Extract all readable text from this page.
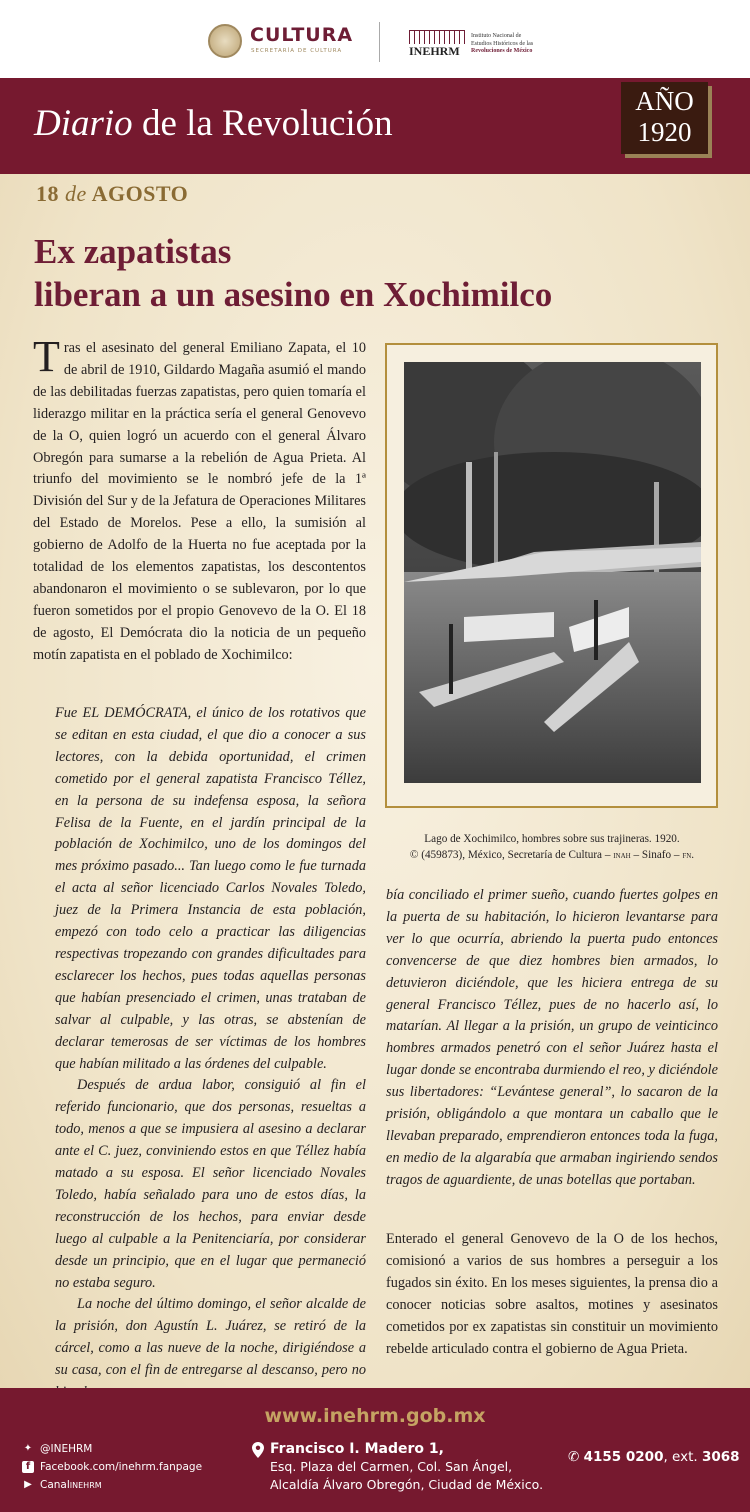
CULTURA
SECRETARÍA DE CULTURA	INEHRM
Instituto Nacional de
Estudios Históricos de las
Revoluciones de México
Diario de la Revolución
AÑO
1920
18 de AGOSTO
Ex zapatistas
liberan a un asesino en Xochimilco

Tras el asesinato del general Emiliano Zapata, el 10 de abril de 1910, Gildardo Magaña asumió el mando de las debilitadas fuerzas zapatistas, pero quien tomaría el liderazgo militar en la práctica sería el general Genovevo de la O, quien logró un acuerdo con el general Álvaro Obregón para sumarse a la rebelión de Agua Prieta. Al triunfo del movimiento se le nombró jefe de la 1ª División del Sur y de la Jefatura de Operaciones Militares del Estado de Morelos. Pese a ello, la sumisión al gobierno de Adolfo de la Huerta no fue aceptada por la totalidad de los elementos zapatistas, los descontentos abandonaron el movimiento o se sublevaron, por lo que fueron sometidos por el propio Genovevo de la O. El 18 de agosto, El Demócrata dio la noticia de un pequeño motín zapatista en el poblado de Xochimilco:

Fue EL DEMÓCRATA, el único de los rotativos que se editan en esta ciudad, el que dio a conocer a sus lectores, con la debida oportunidad, el crimen cometido por el general zapatista Francisco Téllez, en la persona de su indefensa esposa, la señora Felisa de la Fuente, en el jardín principal de la población de Xochimilco, uno de los domingos del mes próximo pasado... Tan luego como le fue turnada el acta al señor licenciado Carlos Novales Toledo, juez de la Primera Instancia de esta población, empezó con todo celo a practicar las diligencias respectivas tropezando con grandes dificultades para esclarecer los hechos, pues todas aquellas personas que habían presenciado el crimen, unas trataban de salvar al culpable, y las otras, se abstenían de declarar temerosas de ser víctimas de los hombres que habían militado a las órdenes del culpable.

Después de ardua labor, consiguió al fin el referido funcionario, que dos personas, resueltas a todo, menos a que se impusiera al asesino a declarar ante el C. juez, conviniendo estos en que Téllez había matado a su esposa. El señor licenciado Novales Toledo, había señalado para uno de estos días, la reconstrucción de los hechos, para enviar desde luego al culpable a la Penitenciaría, por considerar desde un principio, que en el lugar que permaneció no estaba seguro.

La noche del último domingo, el señor alcalde de la prisión, don Agustín L. Juárez, se retiró de la cárcel, como a las nueve de la noche, dirigiéndose a su casa, con el fin de entregarse al descanso, pero no

Lago de Xochimilco, hombres sobre sus trajineras. 1920.
© (459873), México, Secretaría de Cultura – inah – Sinafo – fn.

bía conciliado el primer sueño, cuando fuertes golpes en la puerta de su habitación, lo hicieron levantarse para ver lo que ocurría, abriendo la puerta pudo entonces convencerse de que diez hombres bien armados, lo detuvieron diciéndole, que les hiciera entrega de su general Francisco Téllez, pues de no hacerlo así, lo matarían. Al llegar a la prisión, un grupo de veinticinco hombres armados penetró con el señor Juárez hasta el lugar donde se encontraba durmiendo el reo, y diciéndole sus libertadores: “Levántese general”, lo sacaron de la prisión, obligándolo a que montara un caballo que le llevaban preparado, emprendieron entonces toda la fuga, en medio de la algarabía que armaban ingiriendo sendos tragos de aguardiente, de unas botellas que portaban.

Enterado el general Genovevo de la O de los hechos, comisionó a varios de sus hombres a perseguir a los fugados sin éxito. En los meses siguientes, la prensa dio a conocer noticias sobre asaltos, motines y asesinatos cometidos por ex zapatistas sin constituir un movimiento rebelde articulado contra el gobierno de Agua Prieta.

www.inehrm.gob.mx
✦ @INEHRM
f Facebook.com/inehrm.fanpage
▶ Canal INEHRM
Francisco I. Madero 1,
Esq. Plaza del Carmen, Col. San Ángel,
Alcaldía Álvaro Obregón, Ciudad de México.
✆ 4155 0200, ext. 3068
